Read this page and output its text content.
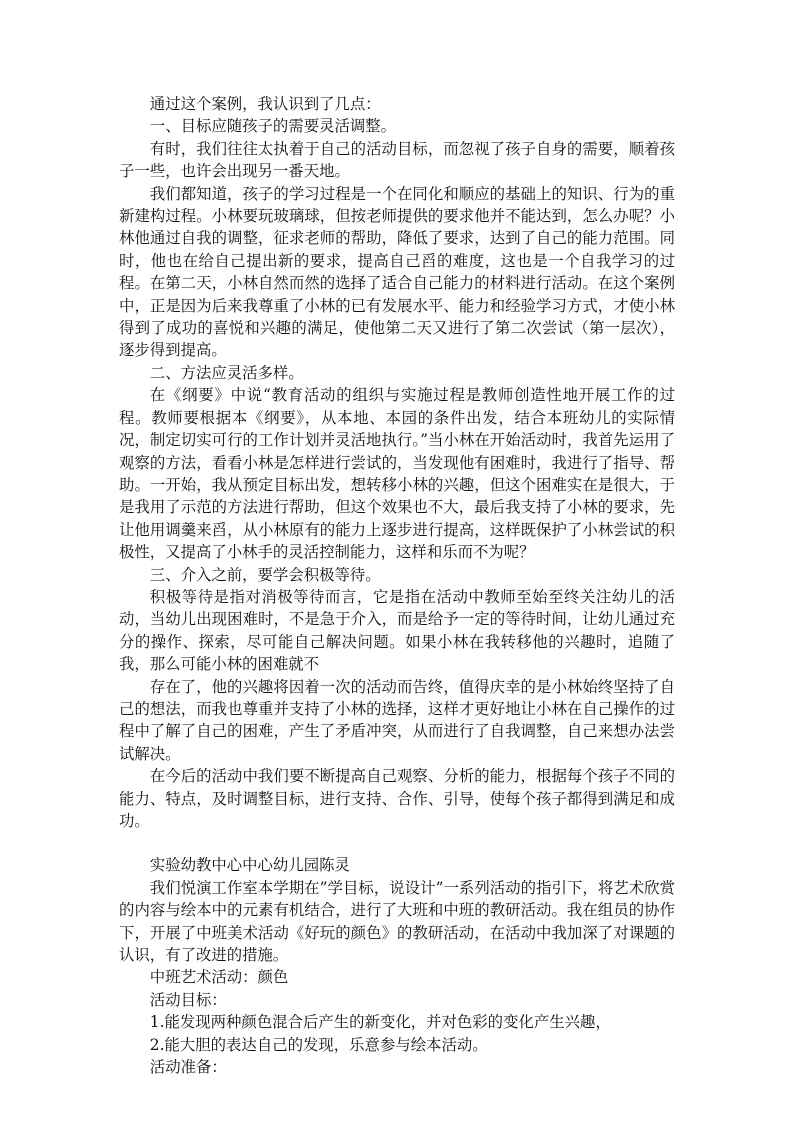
通过这个案例，我认识到了几点：

一、目标应随孩子的需要灵活调整。

有时，我们往往太执着于自己的活动目标，而忽视了孩子自身的需要，顺着孩子一些，也许会出现另一番天地。

我们都知道，孩子的学习过程是一个在同化和顺应的基础上的知识、行为的重新建构过程。小林要玩玻璃球，但按老师提供的要求他并不能达到，怎么办呢？小林他通过自我的调整，征求老师的帮助，降低了要求，达到了自己的能力范围。同时，他也在给自己提出新的要求，提高自己舀的难度，这也是一个自我学习的过程。在第二天，小林自然而然的选择了适合自己能力的材料进行活动。在这个案例中，正是因为后来我尊重了小林的已有发展水平、能力和经验学习方式，才使小林得到了成功的喜悦和兴趣的满足，使他第二天又进行了第二次尝试（第一层次），逐步得到提高。

二、方法应灵活多样。

在《纲要》中说“教育活动的组织与实施过程是教师创造性地开展工作的过程。教师要根据本《纲要》，从本地、本园的条件出发，结合本班幼儿的实际情况，制定切实可行的工作计划并灵活地执行。”当小林在开始活动时，我首先运用了观察的方法，看看小林是怎样进行尝试的，当发现他有困难时，我进行了指导、帮助。一开始，我从预定目标出发，想转移小林的兴趣，但这个困难实在是很大，于是我用了示范的方法进行帮助，但这个效果也不大，最后我支持了小林的要求，先让他用调羹来舀，从小林原有的能力上逐步进行提高，这样既保护了小林尝试的积极性，又提高了小林手的灵活控制能力，这样和乐而不为呢？

三、介入之前，要学会积极等待。

积极等待是指对消极等待而言，它是指在活动中教师至始至终关注幼儿的活动，当幼儿出现困难时，不是急于介入，而是给予一定的等待时间，让幼儿通过充分的操作、探索，尽可能自己解决问题。如果小林在我转移他的兴趣时，追随了我，那么可能小林的困难就不

存在了，他的兴趣将因着一次的活动而告终，值得庆幸的是小林始终坚持了自己的想法，而我也尊重并支持了小林的选择，这样才更好地让小林在自己操作的过程中了解了自己的困难，产生了矛盾冲突，从而进行了自我调整，自己来想办法尝试解决。

在今后的活动中我们要不断提高自己观察、分析的能力，根据每个孩子不同的能力、特点，及时调整目标，进行支持、合作、引导，使每个孩子都得到满足和成功。

实验幼教中心中心幼儿园陈灵

我们悦演工作室本学期在”学目标，说设计”一系列活动的指引下，将艺术欣赏的内容与绘本中的元素有机结合，进行了大班和中班的教研活动。我在组员的协作下，开展了中班美术活动《好玩的颜色》的教研活动，在活动中我加深了对课题的认识，有了改进的措施。

中班艺术活动：颜色

活动目标：

1.能发现两种颜色混合后产生的新变化，并对色彩的变化产生兴趣，

2.能大胆的表达自己的发现，乐意参与绘本活动。

活动准备：
